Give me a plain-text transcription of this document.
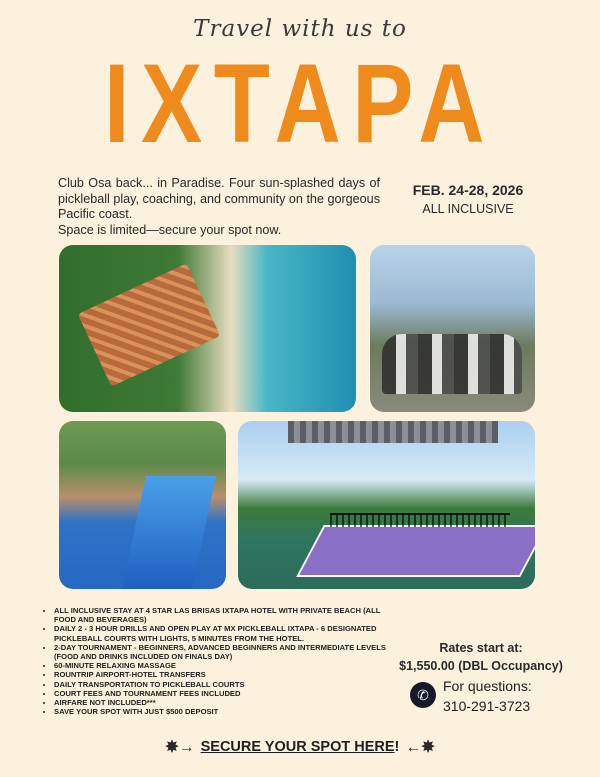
Travel with us to
IXTAPA

Club Osa back... in Paradise. Four sun-splashed days of pickleball play, coaching, and community on the gorgeous Pacific coast.

Space is limited—secure your spot now.

FEB. 24-28, 2026
ALL INCLUSIVE
• ALL INCLUSIVE STAY AT 4 STAR LAS BRISAS IXTAPA HOTEL WITH PRIVATE BEACH (ALL FOOD AND BEVERAGES)
• DAILY 2 - 3 HOUR DRILLS AND OPEN PLAY AT MX PICKLEBALL IXTAPA - 6 DESIGNATED PICKLEBALL COURTS WITH LIGHTS, 5 MINUTES FROM THE HOTEL.
• 2-DAY TOURNAMENT - BEGINNERS, ADVANCED BEGINNERS AND INTERMEDIATE LEVELS (FOOD AND DRINKS INCLUDED ON FINALS DAY)
• 60-MINUTE RELAXING MASSAGE
• ROUNTRIP AIRPORT-HOTEL TRANSFERS
• DAILY TRANSPORTATION TO PICKLEBALL COURTS
• COURT FEES AND TOURNAMENT FEES INCLUDED
• AIRFARE NOT INCLUDED***
• SAVE YOUR SPOT WITH JUST $500 DEPOSIT
Rates start at:
$1,550.00 (DBL Occupancy)
✆
For questions:
310-291-3723
✸→ SECURE YOUR SPOT HERE! ←✸
